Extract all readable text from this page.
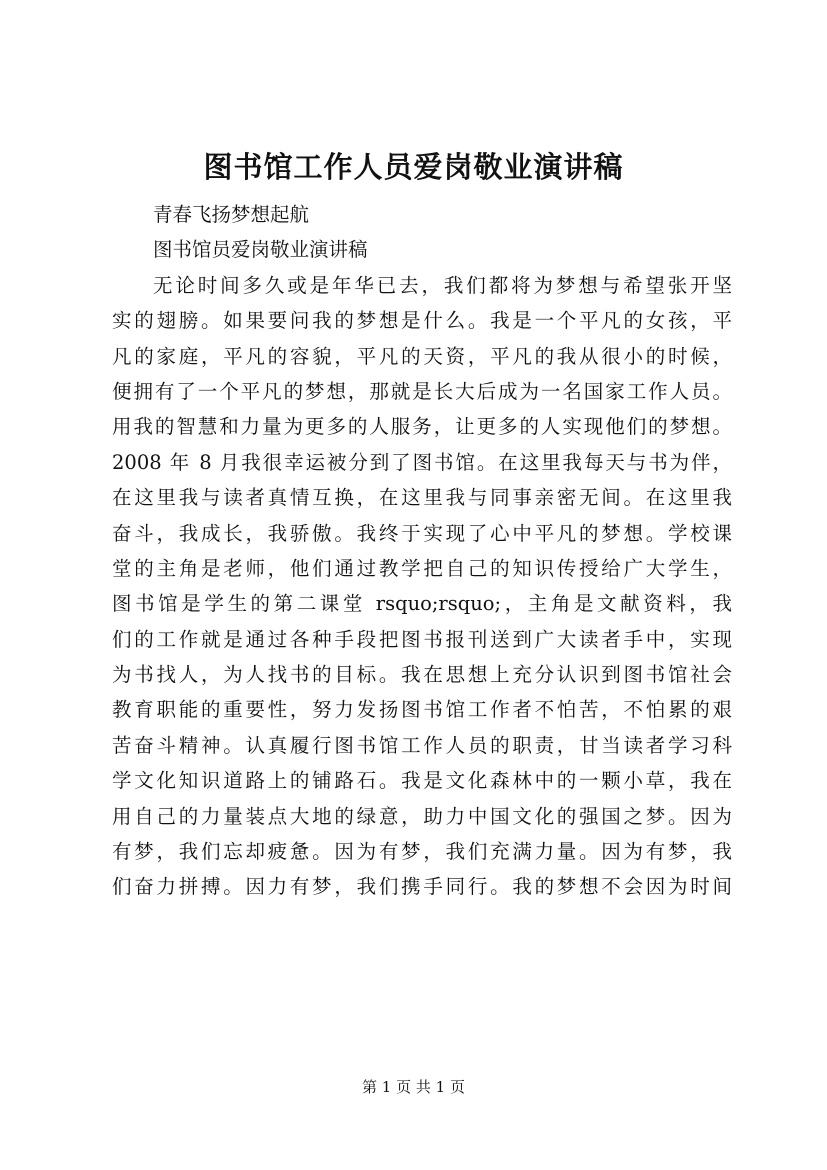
图书馆工作人员爱岗敬业演讲稿
青春飞扬梦想起航
图书馆员爱岗敬业演讲稿
无论时间多久或是年华已去，我们都将为梦想与希望张开坚
实的翅膀。如果要问我的梦想是什么。我是一个平凡的女孩，平
凡的家庭，平凡的容貌，平凡的天资，平凡的我从很小的时候，
便拥有了一个平凡的梦想，那就是长大后成为一名国家工作人员。
用我的智慧和力量为更多的人服务，让更多的人实现他们的梦想。
2008 年 8 月我很幸运被分到了图书馆。在这里我每天与书为伴，
在这里我与读者真情互换，在这里我与同事亲密无间。在这里我
奋斗，我成长，我骄傲。我终于实现了心中平凡的梦想。学校课
堂的主角是老师，他们通过教学把自己的知识传授给广大学生，
图书馆是学生的第二课堂 rsquo;rsquo;，主角是文献资料，我
们的工作就是通过各种手段把图书报刊送到广大读者手中，实现
为书找人，为人找书的目标。我在思想上充分认识到图书馆社会
教育职能的重要性，努力发扬图书馆工作者不怕苦，不怕累的艰
苦奋斗精神。认真履行图书馆工作人员的职责，甘当读者学习科
学文化知识道路上的铺路石。我是文化森林中的一颗小草，我在
用自己的力量装点大地的绿意，助力中国文化的强国之梦。因为
有梦，我们忘却疲惫。因为有梦，我们充满力量。因为有梦，我
们奋力拼搏。因力有梦，我们携手同行。我的梦想不会因为时间
第 1 页 共 1 页
